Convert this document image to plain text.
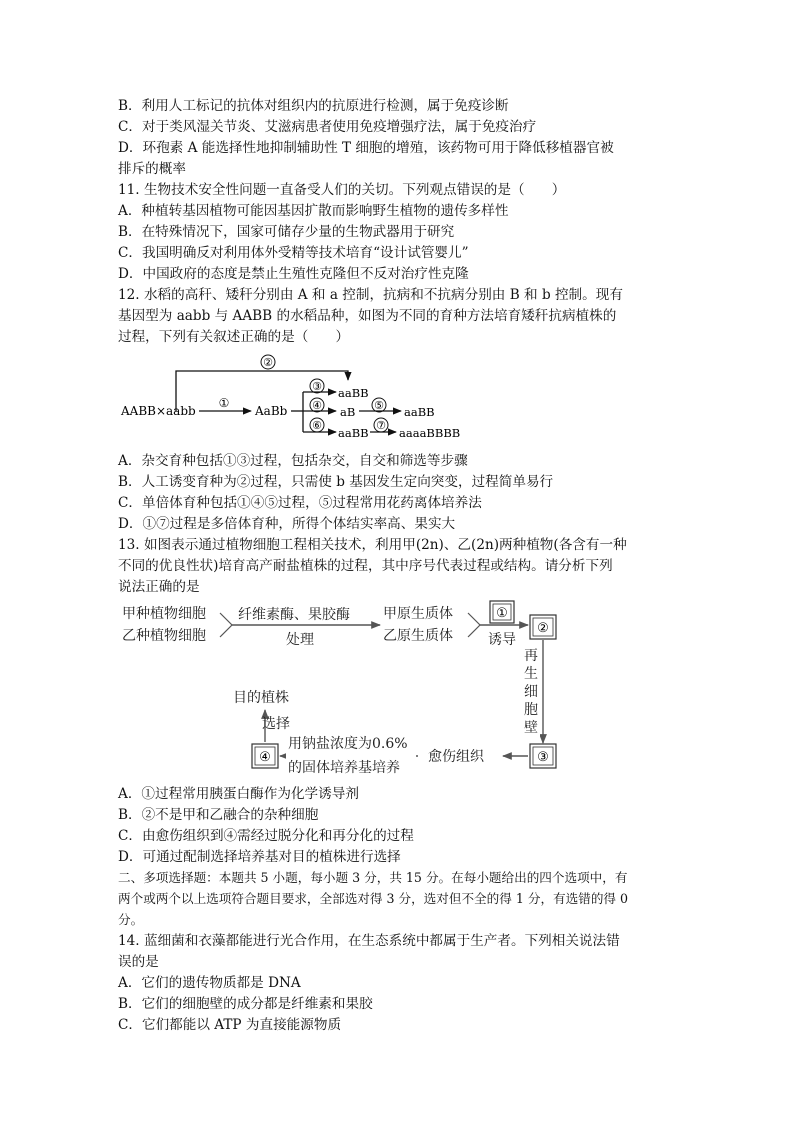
B．利用人工标记的抗体对组织内的抗原进行检测，属于免疫诊断
C．对于类风湿关节炎、艾滋病患者使用免疫增强疗法，属于免疫治疗
D．环孢素 A 能选择性地抑制辅助性 T 细胞的增殖，该药物可用于降低移植器官被
排斥的概率
11. 生物技术安全性问题一直备受人们的关切。下列观点错误的是（　　）
A．种植转基因植物可能因基因扩散而影响野生植物的遗传多样性
B．在特殊情况下，国家可储存少量的生物武器用于研究
C．我国明确反对利用体外受精等技术培育“设计试管婴儿”
D．中国政府的态度是禁止生殖性克隆但不反对治疗性克隆
12. 水稻的高秆、矮秆分别由 A 和 a 控制，抗病和不抗病分别由 B 和 b 控制。现有
基因型为 aabb 与 AABB 的水稻品种，如图为不同的育种方法培育矮秆抗病植株的
过程，下列有关叙述正确的是（　　）
②
AABB×aabb
①
AaBb
③ aaBB
④ aB ⑤ aaBB
⑥
aaBB
⑦
aaaaBBBB
A．杂交育种包括①③过程，包括杂交，自交和筛选等步骤
B．人工诱变育种为②过程，只需使 b 基因发生定向突变，过程简单易行
C．单倍体育种包括①④⑤过程，⑤过程常用花药离体培养法
D．①⑦过程是多倍体育种，所得个体结实率高、果实大
13. 如图表示通过植物细胞工程相关技术，利用甲(2n)、乙(2n)两种植物(各含有一种
不同的优良性状)培育高产耐盐植株的过程，其中序号代表过程或结构。请分析下列
说法正确的是
甲种植物细胞
乙种植物细胞
纤维素酶、果胶酶
处理
甲原生质体
乙原生质体
①
诱导
②
再
生
细
胞
壁
③
愈伤组织
用钠盐浓度为0.6%
的固体培养基培养
④
选择
目的植株
A．①过程常用胰蛋白酶作为化学诱导剂
B．②不是甲和乙融合的杂种细胞
C．由愈伤组织到④需经过脱分化和再分化的过程
D．可通过配制选择培养基对目的植株进行选择
二、多项选择题：本题共 5 小题，每小题 3 分，共 15 分。在每小题给出的四个选项中，有
两个或两个以上选项符合题目要求，全部选对得 3 分，选对但不全的得 1 分，有选错的得 0
分。
14. 蓝细菌和衣藻都能进行光合作用，在生态系统中都属于生产者。下列相关说法错
误的是
A．它们的遗传物质都是 DNA
B．它们的细胞壁的成分都是纤维素和果胶
C．它们都能以 ATP 为直接能源物质
